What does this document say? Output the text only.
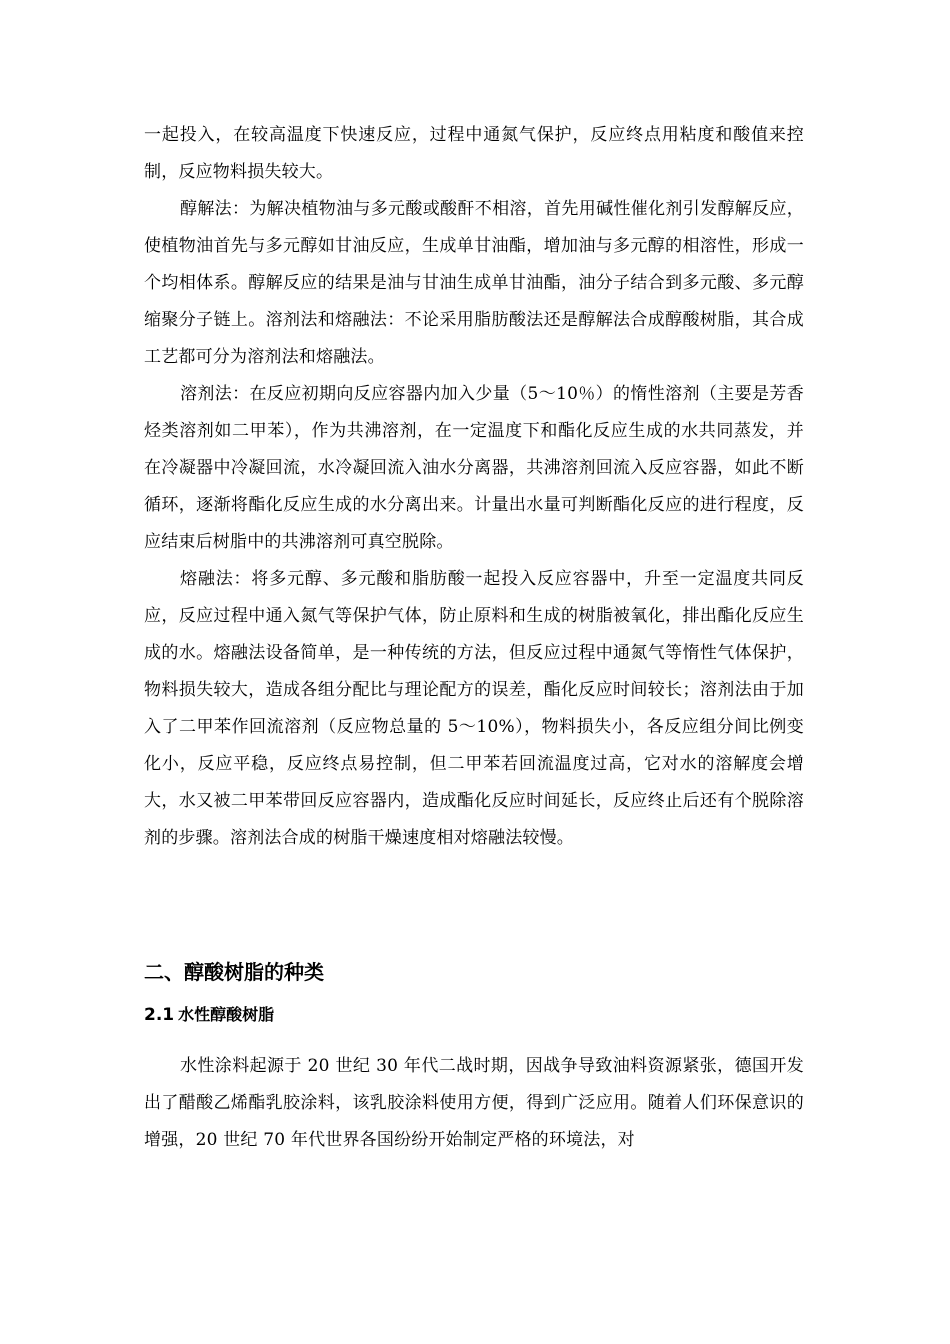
一起投入，在较高温度下快速反应，过程中通氮气保护，反应终点用粘度和酸值来控制，反应物料损失较大。

醇解法：为解决植物油与多元酸或酸酐不相溶，首先用碱性催化剂引发醇解反应，使植物油首先与多元醇如甘油反应，生成单甘油酯，增加油与多元醇的相溶性，形成一个均相体系。醇解反应的结果是油与甘油生成单甘油酯，油分子结合到多元酸、多元醇缩聚分子链上。溶剂法和熔融法：不论采用脂肪酸法还是醇解法合成醇酸树脂，其合成工艺都可分为溶剂法和熔融法。

溶剂法：在反应初期向反应容器内加入少量（5～10％）的惰性溶剂（主要是芳香烃类溶剂如二甲苯），作为共沸溶剂，在一定温度下和酯化反应生成的水共同蒸发，并在冷凝器中冷凝回流，水冷凝回流入油水分离器，共沸溶剂回流入反应容器，如此不断循环，逐渐将酯化反应生成的水分离出来。计量出水量可判断酯化反应的进行程度，反应结束后树脂中的共沸溶剂可真空脱除。

熔融法：将多元醇、多元酸和脂肪酸一起投入反应容器中，升至一定温度共同反应，反应过程中通入氮气等保护气体，防止原料和生成的树脂被氧化，排出酯化反应生成的水。熔融法设备简单，是一种传统的方法，但反应过程中通氮气等惰性气体保护，物料损失较大，造成各组分配比与理论配方的误差，酯化反应时间较长；溶剂法由于加入了二甲苯作回流溶剂（反应物总量的 5～10%），物料损失小，各反应组分间比例变化小，反应平稳，反应终点易控制，但二甲苯若回流温度过高，它对水的溶解度会增大，水又被二甲苯带回反应容器内，造成酯化反应时间延长，反应终止后还有个脱除溶剂的步骤。溶剂法合成的树脂干燥速度相对熔融法较慢。

二、醇酸树脂的种类
2.1 水性醇酸树脂

水性涂料起源于 20 世纪 30 年代二战时期，因战争导致油料资源紧张，德国开发出了醋酸乙烯酯乳胶涂料，该乳胶涂料使用方便，得到广泛应用。随着人们环保意识的增强，20 世纪 70 年代世界各国纷纷开始制定严格的环境法，对
